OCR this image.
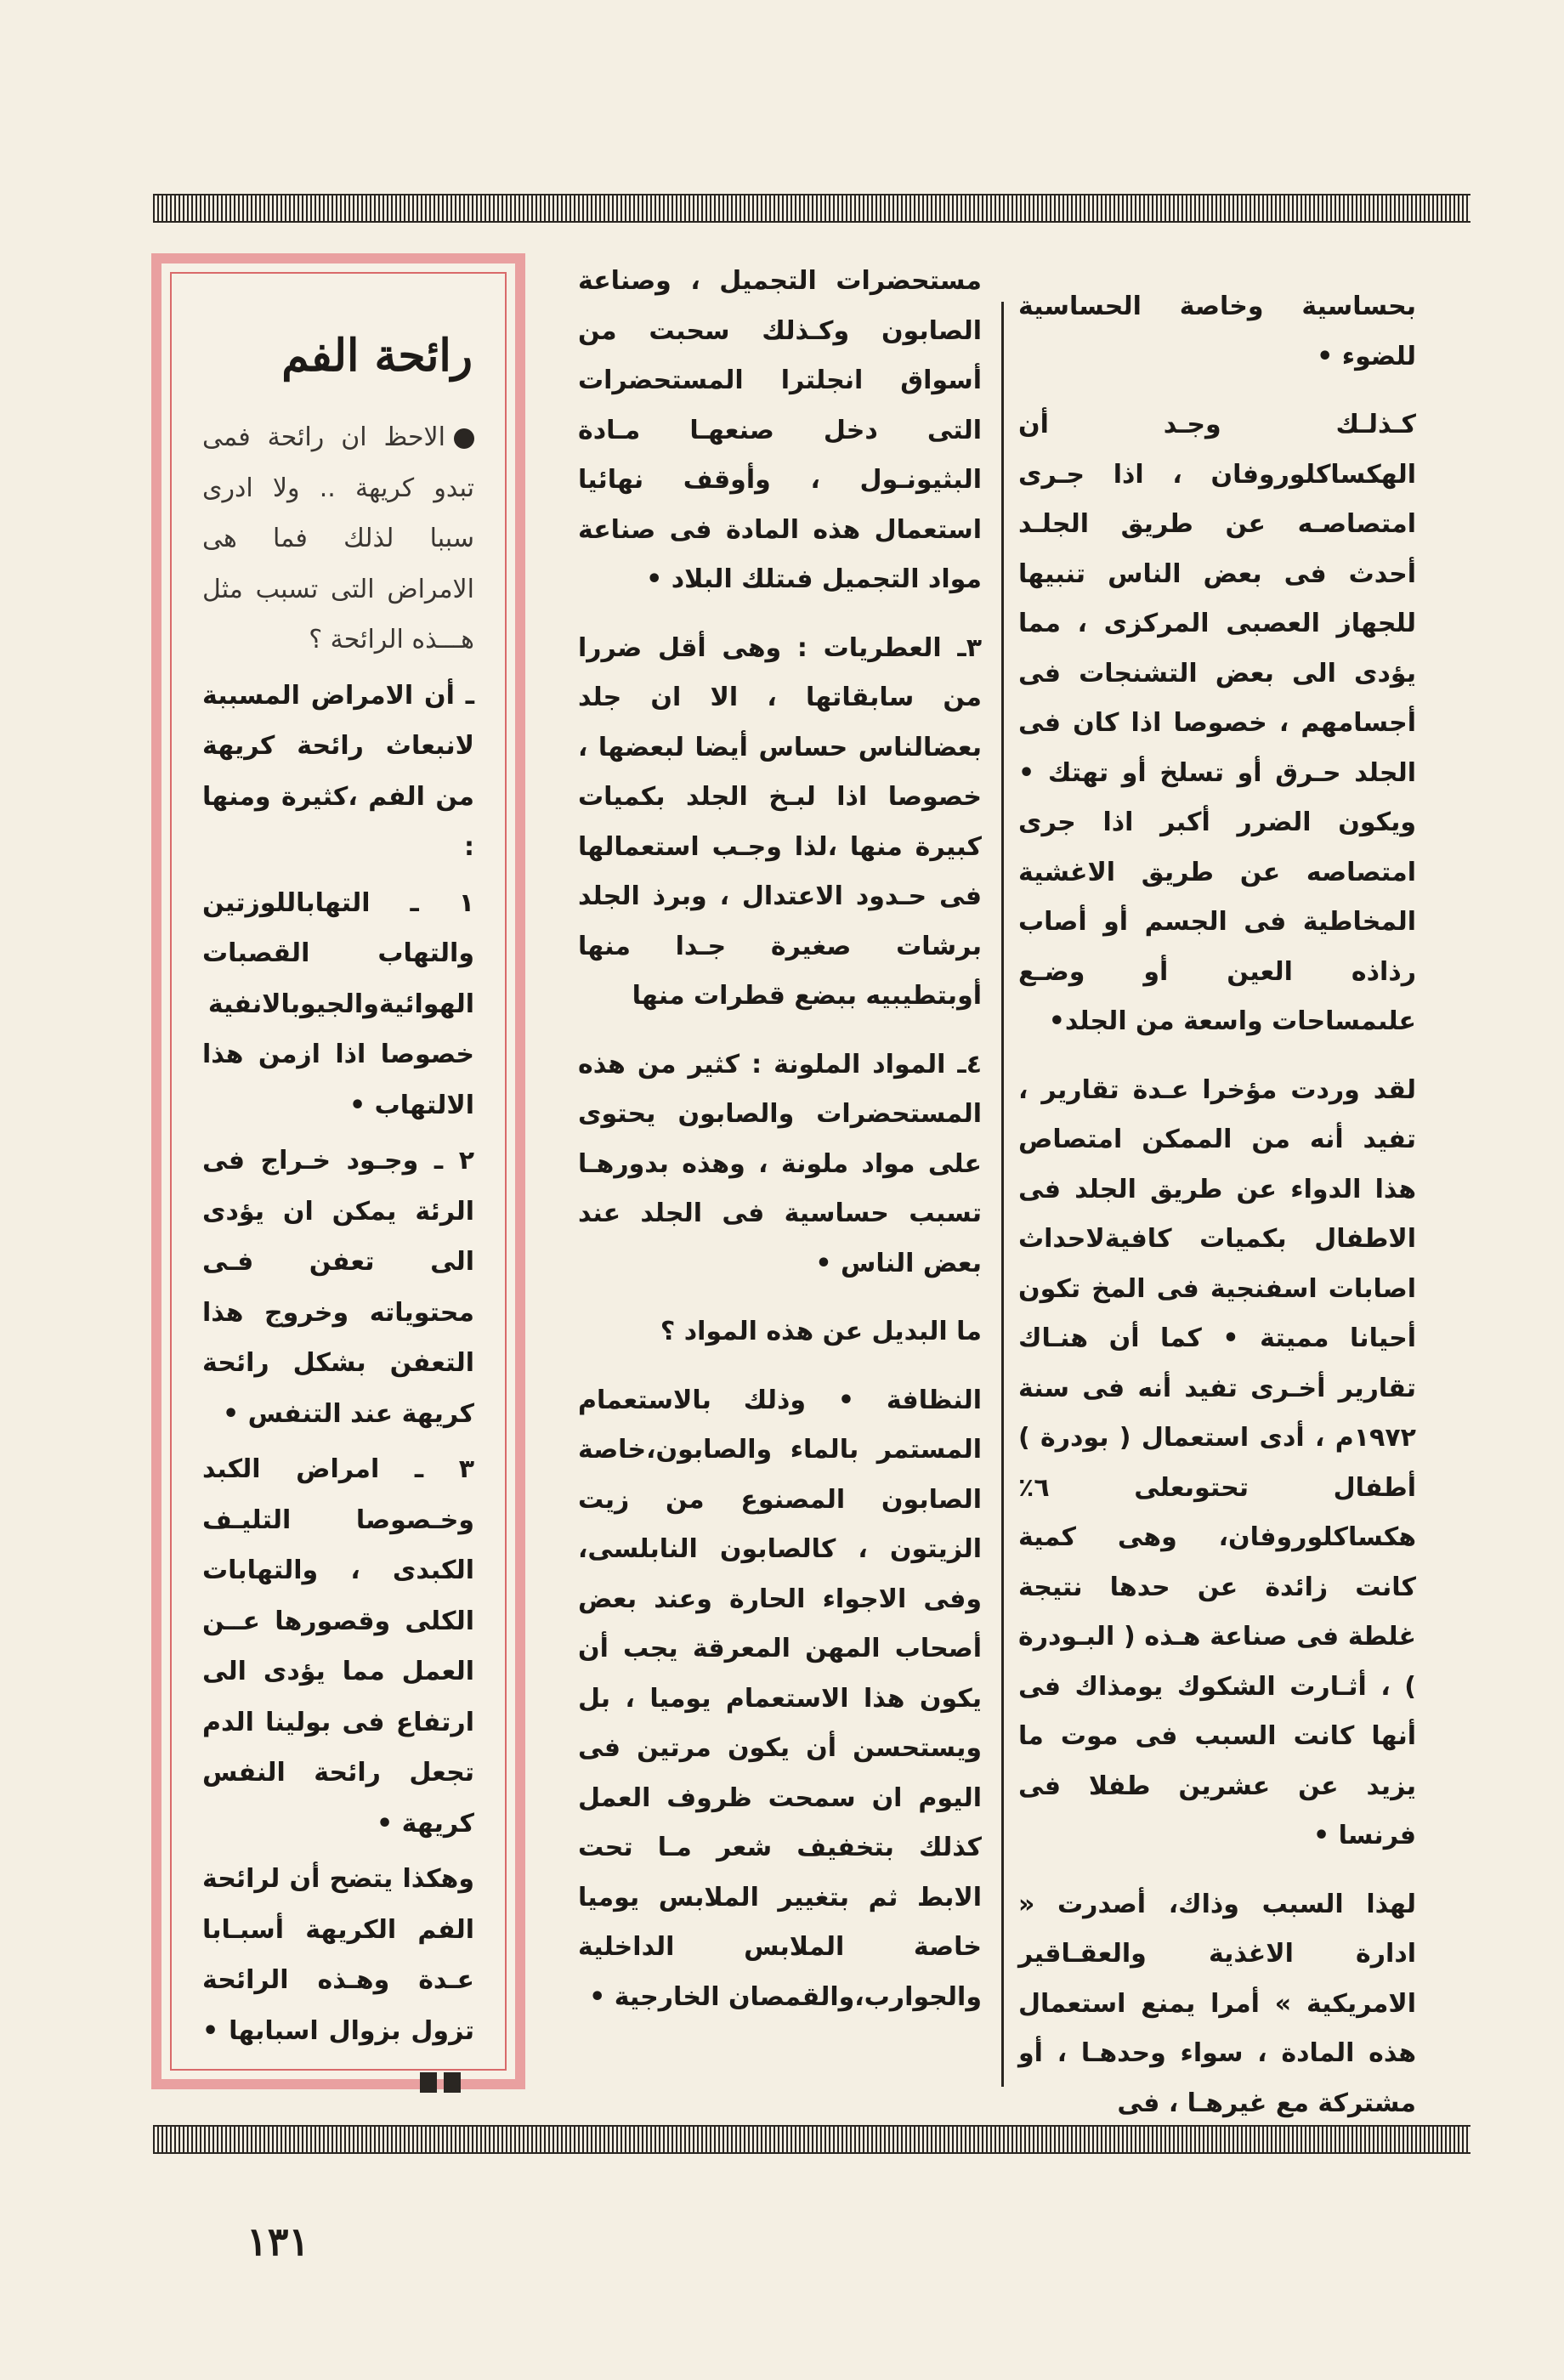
بحساسية وخاصة الحساسية للضوء •

كـذلـك وجـد أن الهكساكلوروفان ، اذا جـرى امتصاصـه عن طريق الجلـد أحدث فى بعض الناس تنبيها للجهاز العصبى المركزى ، مما يؤدى الى بعض التشنجات فى أجسامهم ، خصوصا اذا كان فى الجلد حـرق أو تسلخ أو تهتك • ويكون الضرر أكبر اذا جرى امتصاصه عن طريق الاغشية المخاطية فى الجسم أو أصاب رذاذه العين أو وضـع علىمساحات واسعة من الجلد•

لقد وردت مؤخرا عـدة تقارير ، تفيد أنه من الممكن امتصاص هذا الدواء عن طريق الجلد فى الاطفال بكميات كافيةلاحداث اصابات اسفنجية فى المخ تكون أحيانا مميتة • كما أن هنـاك تقارير أخـرى تفيد أنه فى سنة ١٩٧٢م ، أدى استعمال ( بودرة ) أطفال تحتوىعلى ٦٪ هكساكلوروفان، وهى كمية كانت زائدة عن حدها نتيجة غلطة فى صناعة هـذه ( البـودرة ) ، أثـارت الشكوك يومذاك فى أنها كانت السبب فى موت ما يزيد عن عشرين طفلا فى فرنسا •

لهذا السبب وذاك، أصدرت « ادارة الاغذية والعقـاقير الامريكية » أمرا يمنع استعمال هذه المادة ، سواء وحدهـا ، أو مشتركة مع غيرهـا ، فى

مستحضرات التجميل ، وصناعة الصابون وكـذلك سحبت من أسواق انجلترا المستحضرات التى دخل صنعهـا مـادة البثيونـول ، وأوقف نهائيا استعمال هذه المادة فى صناعة مواد التجميل فىتلك البلاد •

٣ـ العطريات : وهى أقل ضررا من سابقاتها ، الا ان جلد بعضالناس حساس أيضا لبعضها ، خصوصا اذا لبـخ الجلد بكميات كبيرة منها ،لذا وجـب استعمالها فى حـدود الاعتدال ، وبرذ الجلد برشات صغيرة جـدا منها أوبتطيبيه ببضع قطرات منها

٤ـ المواد الملونة : كثير من هذه المستحضرات والصابون يحتوى على مواد ملونة ، وهذه بدورهـا تسبب حساسية فى الجلد عند بعض الناس •

ما البديل عن هذه المواد ؟

النظافة • وذلك بالاستعمام المستمر بالماء والصابون،خاصة الصابون المصنوع من زيت الزيتون ، كالصابون النابلسى، وفى الاجواء الحارة وعند بعض أصحاب المهن المعرقة يجب أن يكون هذا الاستعمام يوميا ، بل ويستحسن أن يكون مرتين فى اليوم ان سمحت ظروف العمل كذلك بتخفيف شعر مـا تحت الابط ثم بتغيير الملابس يوميا خاصة الملابس الداخلية والجوارب،والقمصان الخارجية •

رائحة الفم

الاحظ ان رائحة فمى تبدو كريهة .. ولا ادرى سببا لذلك فما هى الامراض التى تسبب مثل هـــذه الرائحة ؟

ـ أن الامراض المسببة لانبعاث رائحة كريهة من الفم ،كثيرة ومنها :

١ ـ التهاباللوزتين والتهاب القصبات الهوائيةوالجيوبالانفية خصوصا اذا ازمن هذا الالتهاب •

٢ ـ وجـود خـراج فى الرئة يمكن ان يؤدى الى تعفن فـى محتوياته وخروج هذا التعفن بشكل رائحة كريهة عند التنفس •

٣ ـ امراض الكبد وخـصوصا التليـف الكبدى ، والتهابات الكلى وقصورها عــن العمل مما يؤدى الى ارتفاع فى بولينا الدم تجعل رائحة النفس كريهة •

وهكذا يتضح أن لرائحة الفم الكريهة أسبـابا عـدة وهـذه الرائحة تزول بزوال اسبابها •

١٣١
